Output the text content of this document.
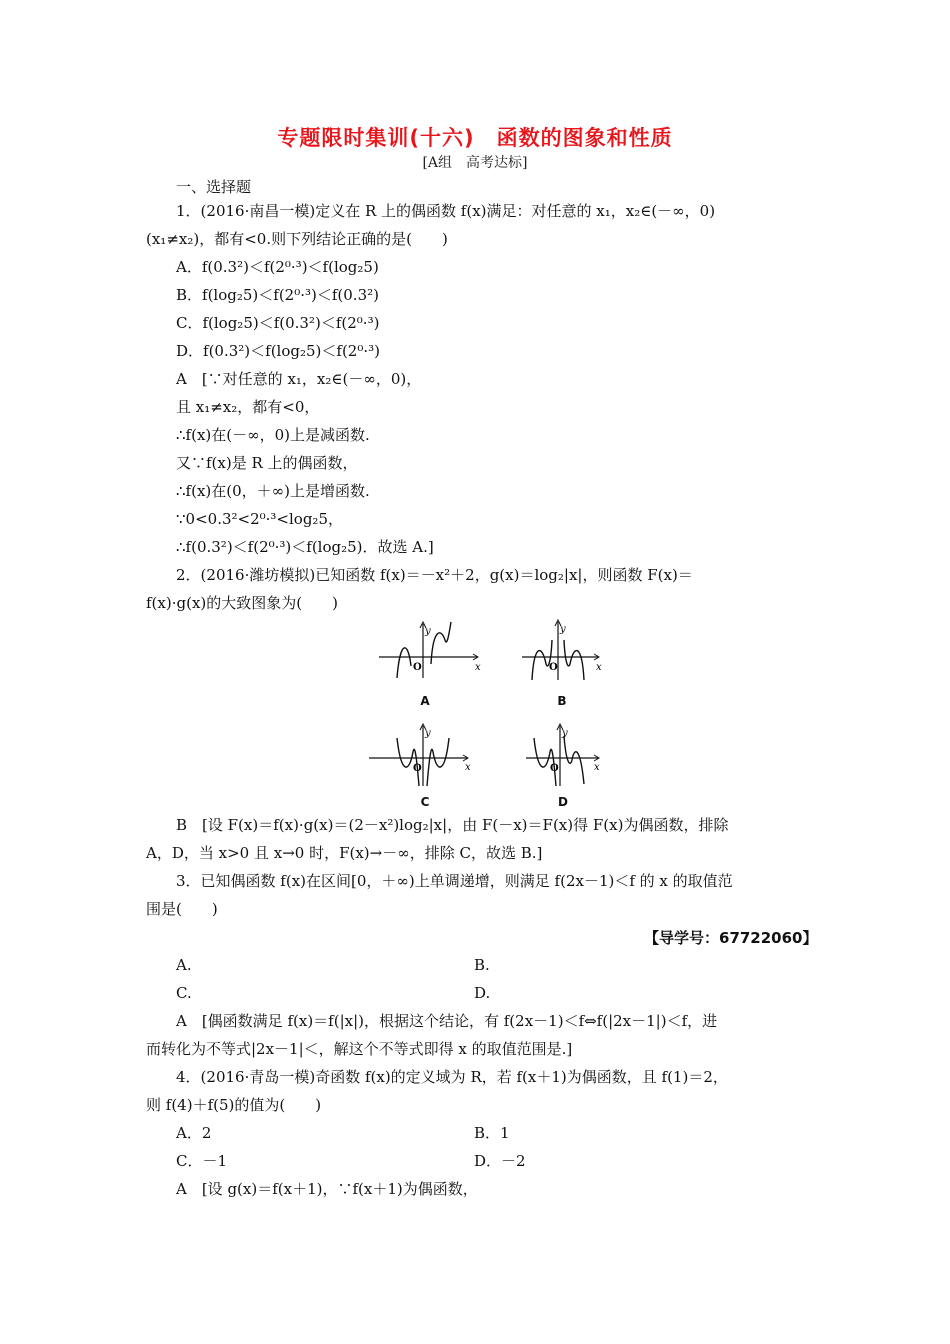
专题限时集训(十六)　函数的图象和性质
[A组　高考达标]
一、选择题
1．(2016·南昌一模)定义在 R 上的偶函数 f(x)满足：对任意的 x₁，x₂∈(－∞，0)
(x₁≠x₂)，都有<0.则下列结论正确的是(　　)
A．f(0.3²)＜f(2⁰·³)＜f(log₂5)
B．f(log₂5)＜f(2⁰·³)＜f(0.3²)
C．f(log₂5)＜f(0.3²)＜f(2⁰·³)
D．f(0.3²)＜f(log₂5)＜f(2⁰·³)
A　[∵对任意的 x₁，x₂∈(－∞，0)，
且 x₁≠x₂，都有<0，
∴f(x)在(－∞，0)上是减函数.
又∵f(x)是 R 上的偶函数，
∴f(x)在(0，＋∞)上是增函数.
∵0<0.3²<2⁰·³<log₂5，
∴f(0.3²)＜f(2⁰·³)＜f(log₂5)．故选 A.]
2．(2016·潍坊模拟)已知函数 f(x)＝－x²＋2，g(x)＝log₂|x|，则函数 F(x)＝
f(x)·g(x)的大致图象为(　　)
y
x
O
A
y
x
O
B
y
x
O
C
y
x
O
D
B　[设 F(x)＝f(x)·g(x)＝(2－x²)log₂|x|，由 F(－x)＝F(x)得 F(x)为偶函数，排除
A，D，当 x>0 且 x→0 时，F(x)→－∞，排除 C，故选 B.]
3．已知偶函数 f(x)在区间[0，＋∞)上单调递增，则满足 f(2x－1)＜f 的 x 的取值范
围是(　　)
【导学号：67722060】
A.	B.
C.	D.
A　[偶函数满足 f(x)＝f(|x|)，根据这个结论，有 f(2x－1)＜f⇔f(|2x－1|)＜f，进
而转化为不等式|2x－1|＜，解这个不等式即得 x 的取值范围是.]
4．(2016·青岛一模)奇函数 f(x)的定义域为 R，若 f(x＋1)为偶函数，且 f(1)＝2，
则 f(4)＋f(5)的值为(　　)
A．2	B．1
C．－1	D．－2
A　[设 g(x)＝f(x＋1)，∵f(x＋1)为偶函数，
